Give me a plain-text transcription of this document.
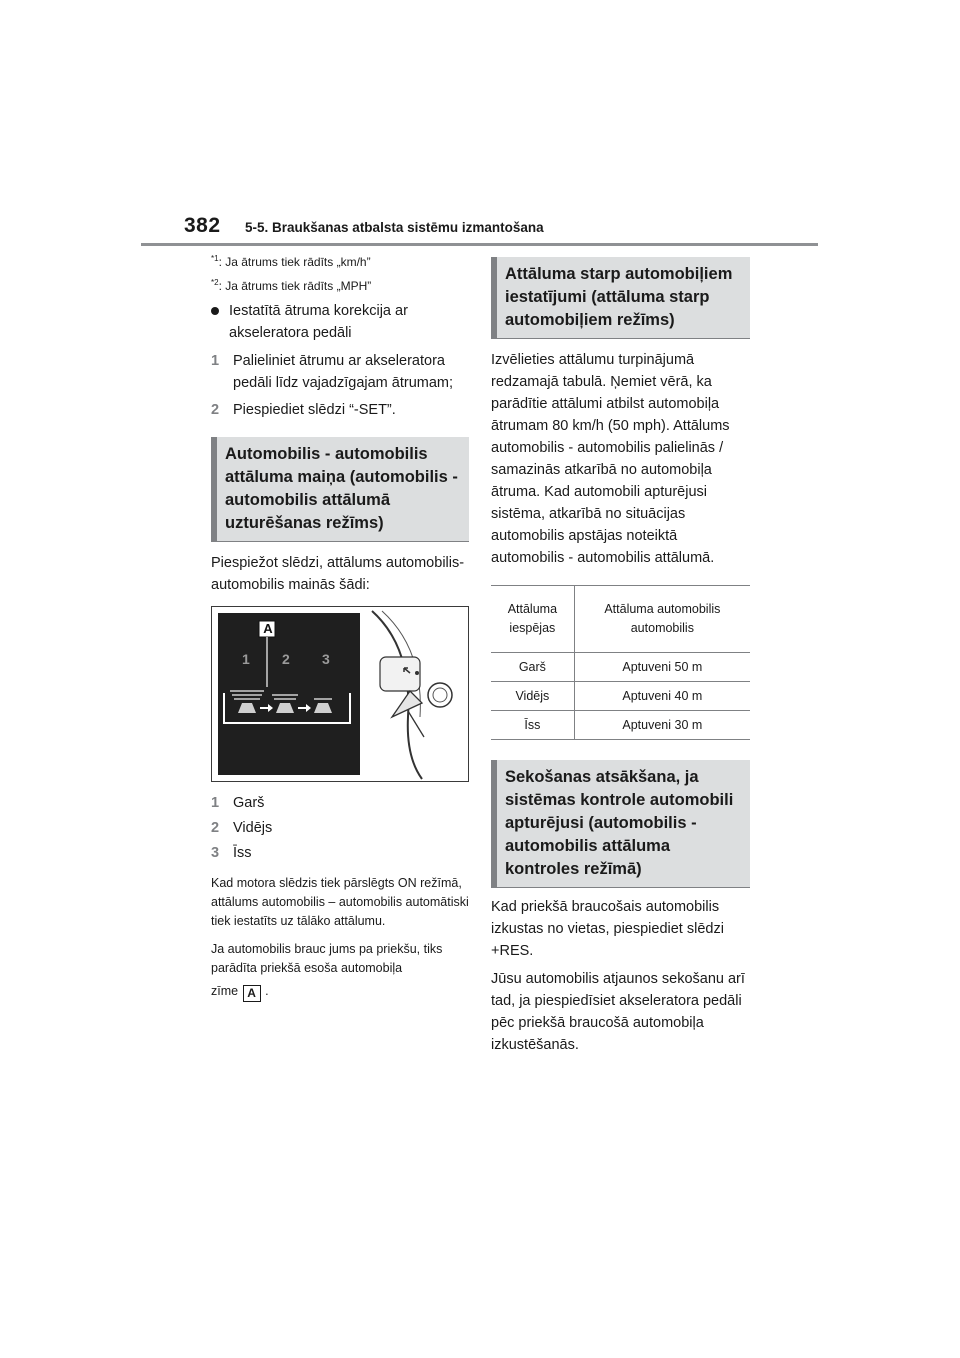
382 5-5. Braukšanas atbalsta sistēmu izmantošana

$^{*1}$: Ja ātrums tiek rādīts „km/h”

$^{*2}$: Ja ātrums tiek rādīts „MPH”

Iestatītā ātruma korekcija ar akseleratora pedāli
1 Palieliniet ātrumu ar akseleratora pedāli līdz vajadzīgajam ātrumam;
2 Piespiediet slēdzi “-SET”.
Automobilis - automobilis attāluma maiņa (automobilis - automobilis attālumā uzturēšanas režīms)

Piespiežot slēdzi, attālums automobilis-automobilis mainās šādi:

A
1 2 3
1 Garš
2 Vidējs
3 Īss

Kad motora slēdzis tiek pārslēgts ON režīmā, attālums automobilis – automobilis automātiski tiek iestatīts uz tālāko attālumu.

Ja automobilis brauc jums pa priekšu, tiks parādīta priekšā esoša automobiļa

zīme A .

Attāluma starp automobiļiem iestatījumi (attāluma starp automobiļiem režīms)

Izvēlieties attālumu turpinājumā redzamajā tabulā. Ņemiet vērā, ka parādītie attālumi atbilst automobiļa ātrumam 80 km/h (50 mph). Attālums automobilis - automobilis palielinās / samazinās atkarībā no automobiļa ātruma. Kad automobili apturējusi sistēma, atkarībā no situācijas automobilis apstājas noteiktā automobilis - automobilis attālumā.

Attāluma iespējas	Attāluma automobilis automobilis
Garš	Aptuveni 50 m
Vidējs	Aptuveni 40 m
Īss	Aptuveni 30 m
Sekošanas atsākšana, ja sistēmas kontrole automobili apturējusi (automobilis - automobilis attāluma kontroles režīmā)

Kad priekšā braucošais automobilis izkustas no vietas, piespiediet slēdzi +RES.

Jūsu automobilis atjaunos sekošanu arī tad, ja piespiedīsiet akseleratora pedāli pēc priekšā braucošā automobiļa izkustēšanās.
